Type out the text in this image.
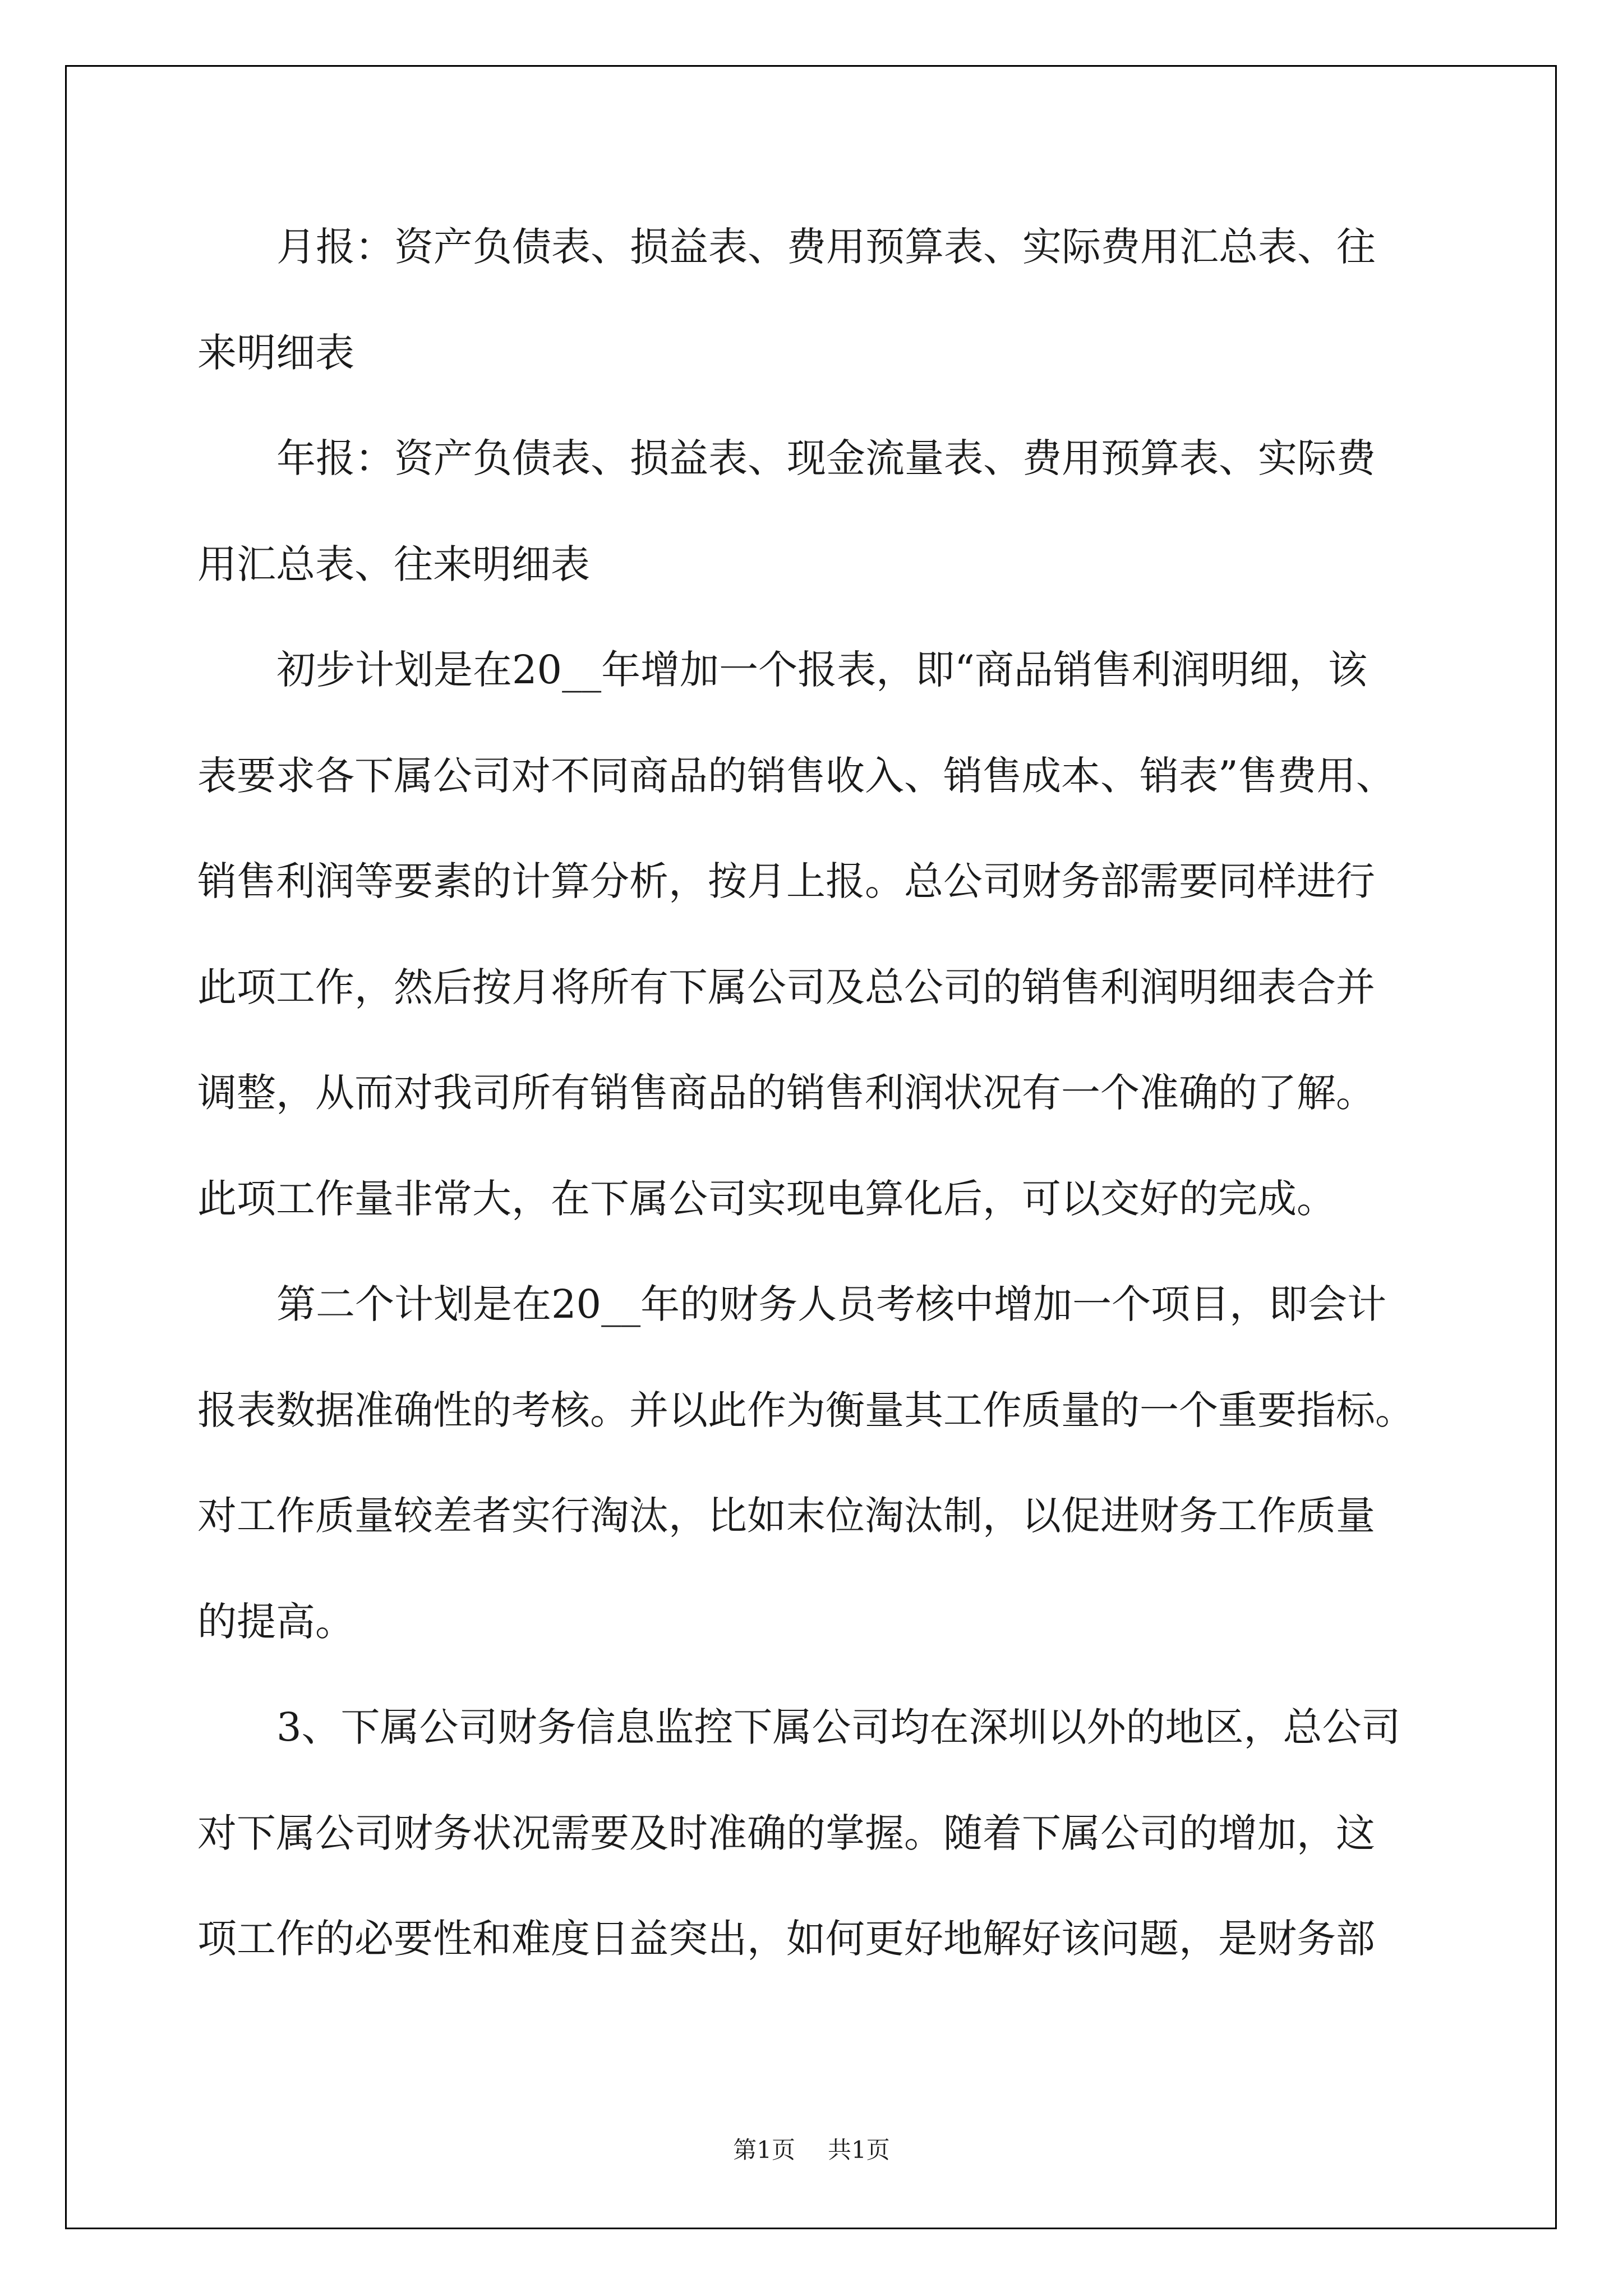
月报：资产负债表、损益表、费用预算表、实际费用汇总表、往

来明细表

年报：资产负债表、损益表、现金流量表、费用预算表、实际费

用汇总表、往来明细表

初步计划是在20__年增加一个报表，即“商品销售利润明细，该

表要求各下属公司对不同商品的销售收入、销售成本、销表”售费用、

销售利润等要素的计算分析，按月上报。总公司财务部需要同样进行

此项工作，然后按月将所有下属公司及总公司的销售利润明细表合并

调整，从而对我司所有销售商品的销售利润状况有一个准确的了解。

此项工作量非常大，在下属公司实现电算化后，可以交好的完成。

第二个计划是在20__年的财务人员考核中增加一个项目，即会计

报表数据准确性的考核。并以此作为衡量其工作质量的一个重要指标。

对工作质量较差者实行淘汰，比如末位淘汰制，以促进财务工作质量

的提高。

3、下属公司财务信息监控下属公司均在深圳以外的地区，总公司

对下属公司财务状况需要及时准确的掌握。随着下属公司的增加，这

项工作的必要性和难度日益突出，如何更好地解好该问题，是财务部

第1页 共1页
